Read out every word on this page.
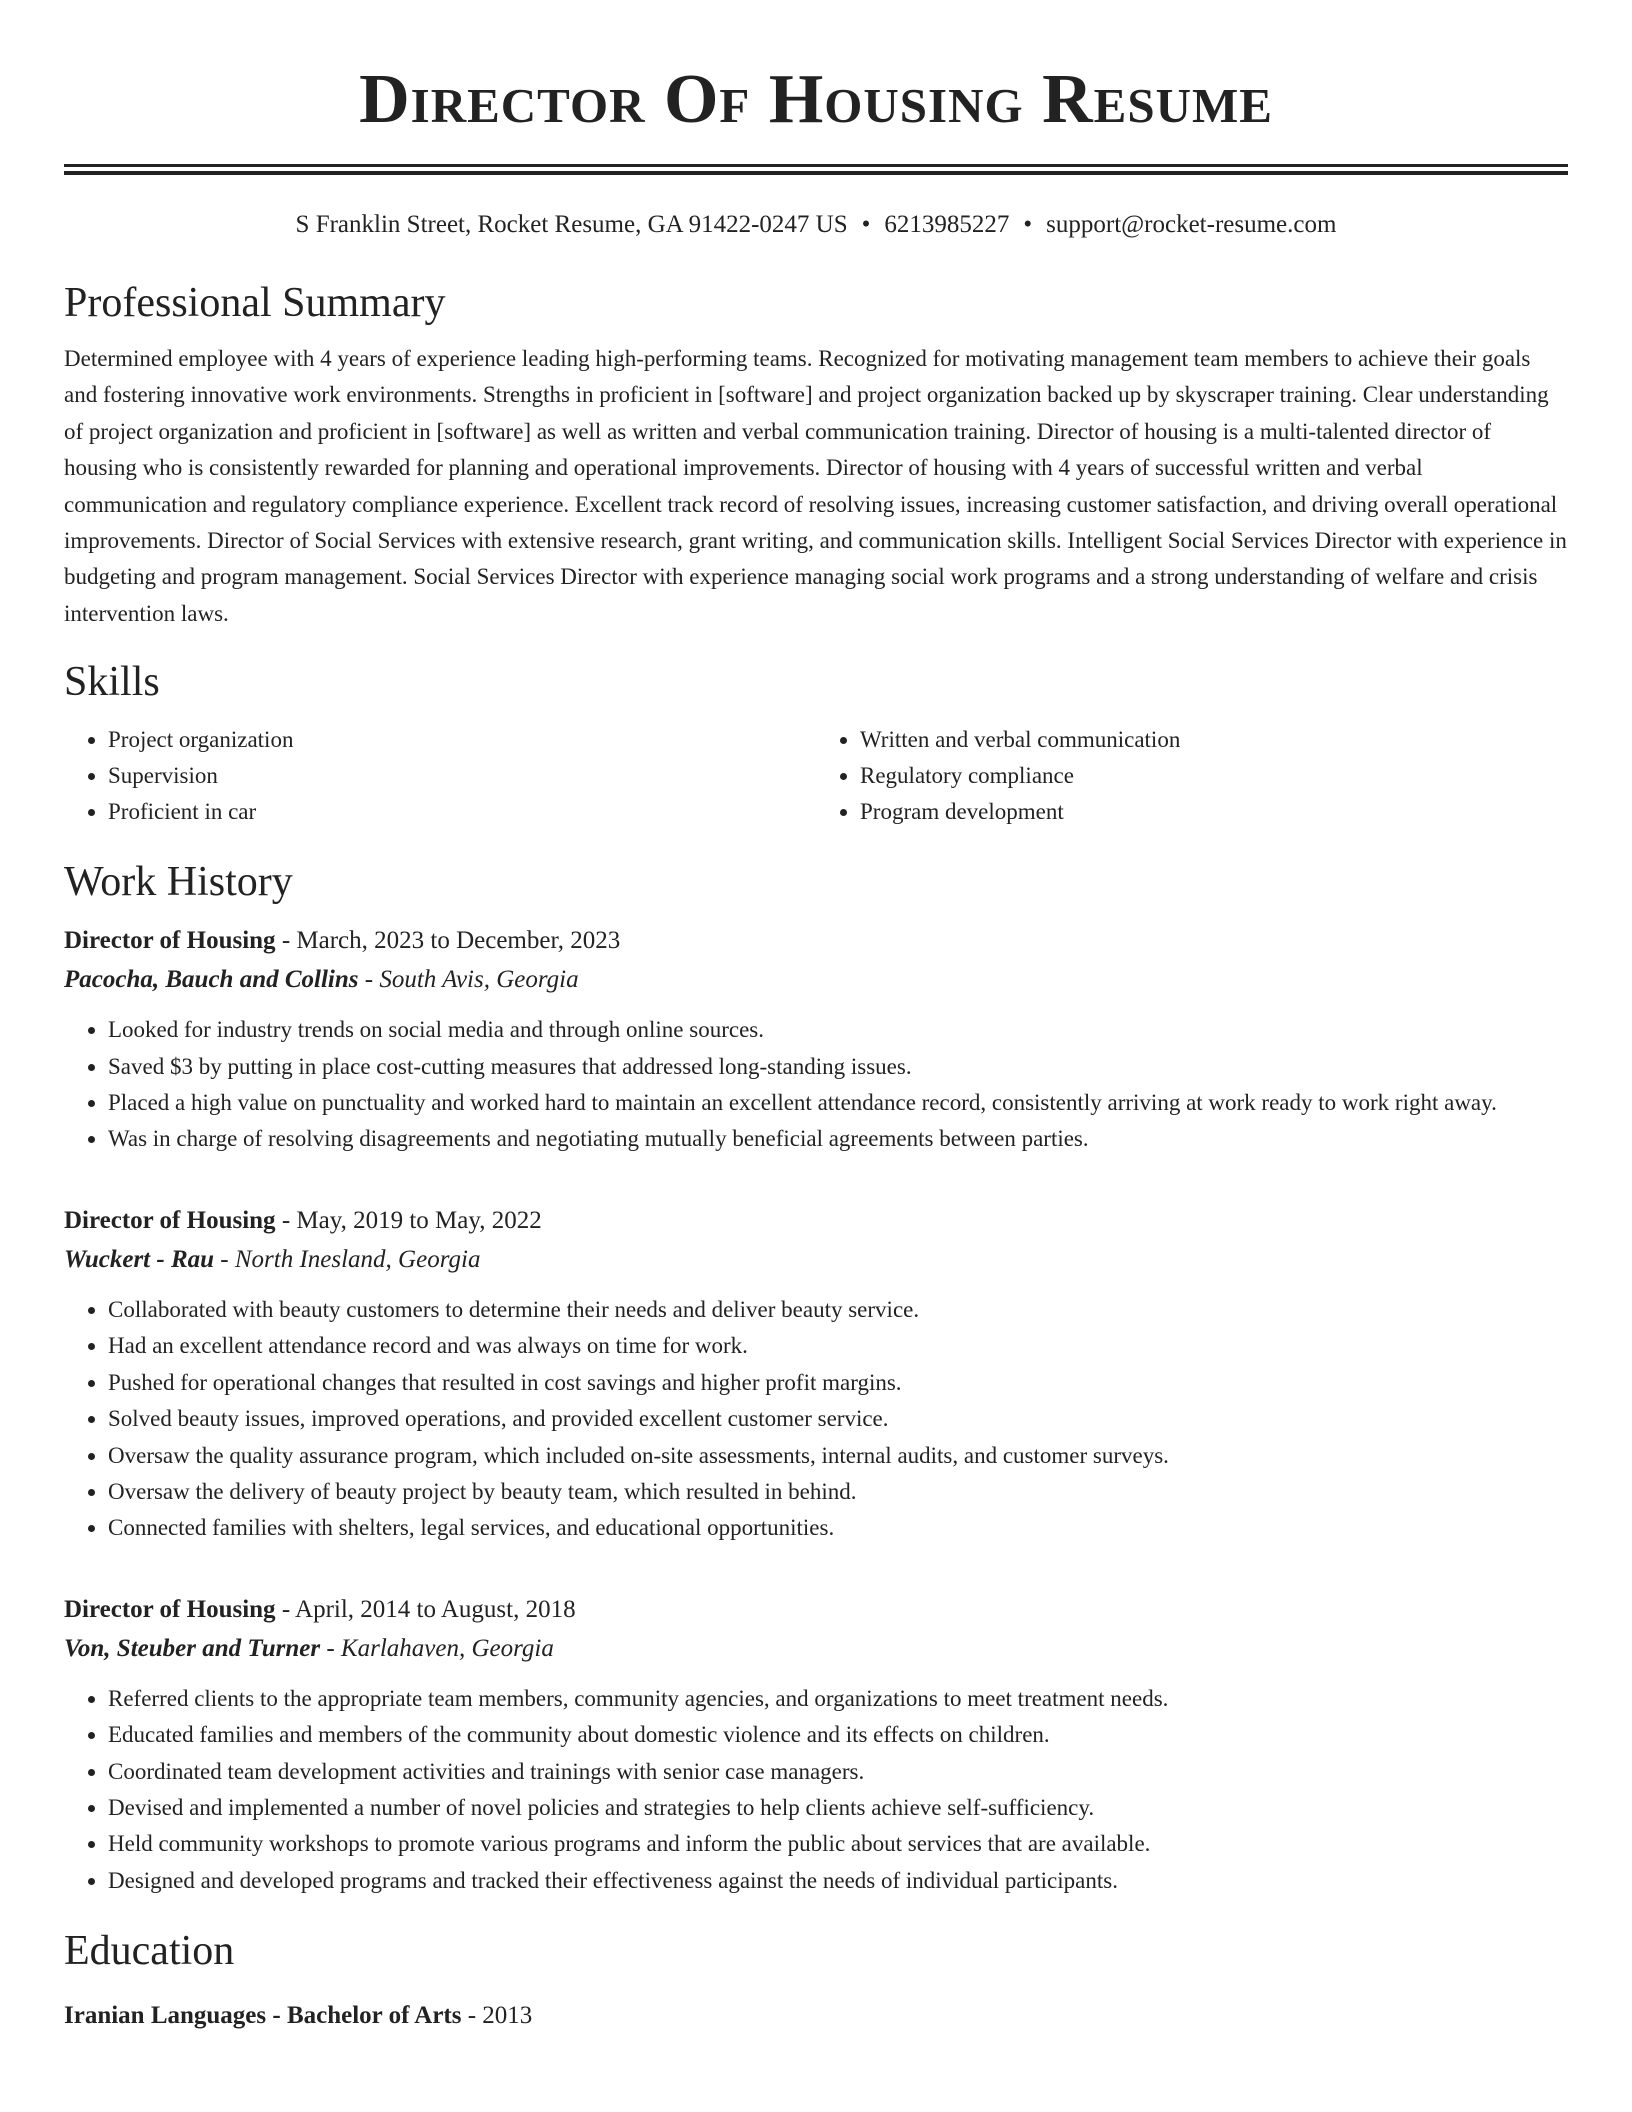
Director Of Housing Resume
S Franklin Street, Rocket Resume, GA 91422-0247 US • 6213985227 • support@rocket-resume.com
Professional Summary

Determined employee with 4 years of experience leading high-performing teams. Recognized for motivating management team members to achieve their goals and fostering innovative work environments. Strengths in proficient in [software] and project organization backed up by skyscraper training. Clear understanding of project organization and proficient in [software] as well as written and verbal communication training. Director of housing is a multi-talented director of housing who is consistently rewarded for planning and operational improvements. Director of housing with 4 years of successful written and verbal communication and regulatory compliance experience. Excellent track record of resolving issues, increasing customer satisfaction, and driving overall operational improvements. Director of Social Services with extensive research, grant writing, and communication skills. Intelligent Social Services Director with experience in budgeting and program management. Social Services Director with experience managing social work programs and a strong understanding of welfare and crisis intervention laws.

Skills
• Project organization
• Supervision
• Proficient in car
• Written and verbal communication
• Regulatory compliance
• Program development
Work History
Director of Housing - March, 2023 to December, 2023
Pacocha, Bauch and Collins - South Avis, Georgia
• Looked for industry trends on social media and through online sources.
• Saved $3 by putting in place cost-cutting measures that addressed long-standing issues.
• Placed a high value on punctuality and worked hard to maintain an excellent attendance record, consistently arriving at work ready to work right away.
• Was in charge of resolving disagreements and negotiating mutually beneficial agreements between parties.
Director of Housing - May, 2019 to May, 2022
Wuckert - Rau - North Inesland, Georgia
• Collaborated with beauty customers to determine their needs and deliver beauty service.
• Had an excellent attendance record and was always on time for work.
• Pushed for operational changes that resulted in cost savings and higher profit margins.
• Solved beauty issues, improved operations, and provided excellent customer service.
• Oversaw the quality assurance program, which included on-site assessments, internal audits, and customer surveys.
• Oversaw the delivery of beauty project by beauty team, which resulted in behind.
• Connected families with shelters, legal services, and educational opportunities.
Director of Housing - April, 2014 to August, 2018
Von, Steuber and Turner - Karlahaven, Georgia
• Referred clients to the appropriate team members, community agencies, and organizations to meet treatment needs.
• Educated families and members of the community about domestic violence and its effects on children.
• Coordinated team development activities and trainings with senior case managers.
• Devised and implemented a number of novel policies and strategies to help clients achieve self-sufficiency.
• Held community workshops to promote various programs and inform the public about services that are available.
• Designed and developed programs and tracked their effectiveness against the needs of individual participants.
Education
Iranian Languages - Bachelor of Arts - 2013
